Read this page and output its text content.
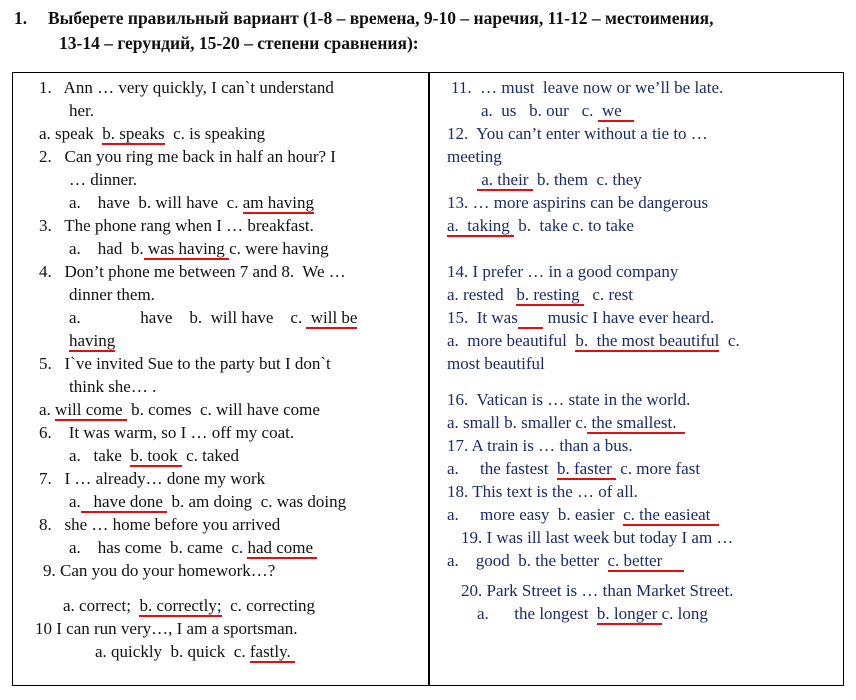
1. Выберете правильный вариант (1-8 – времена, 9-10 – наречия, 11-12 – местоимения,
13-14 – герундий, 15-20 – степени сравнения):
1.   Ann … very quickly, I can`t understand
her.
a. speak  b. speaks  c. is speaking
2.   Can you ring me back in half an hour? I
… dinner.
a.    have  b. will have  c. am having
3.   The phone rang when I … breakfast.
a.    had  b. was having c. were having
4.   Don’t phone me between 7 and 8.  We …
dinner them.
a.              have    b.  will have    c.  will be
having
5.   I`ve invited Sue to the party but I don`t
think she… .
a. will come  b. comes  c. will have come
6.    It was warm, so I … off my coat.
a.   take  b. took  c. taked
7.   I … already… done my work
a.   have done  b. am doing  c. was doing
8.   she … home before you arrived
a.    has come  b. came  c. had come
9. Can you do your homework…?
a. correct;  b. correctly;  c. correcting
10 I can run very…, I am a sportsman.
a. quickly  b. quick  c. fastly.
11.  … must  leave now or we’ll be late.
a.  us   b. our   c.  we
12.  You can’t enter without a tie to …
meeting
a. their  b. them  c. they
13. … more aspirins can be dangerous
a.  taking  b.  take c. to take
14. I prefer … in a good company
a. rested   b. resting   c. rest
15.  It was       music I have ever heard.
a.  more beautiful  b.  the most beautiful  c.
most beautiful
16.  Vatican is … state in the world.
a. small b. smaller c. the smallest.
17. A train is … than a bus.
a.     the fastest  b. faster  c. more fast
18. This text is the … of all.
a.     more easy  b. easier  c. the easieat
19. I was ill last week but today I am …
a.    good  b. the better  c. better
20. Park Street is … than Market Street.
a.      the longest  b. longer c. long
